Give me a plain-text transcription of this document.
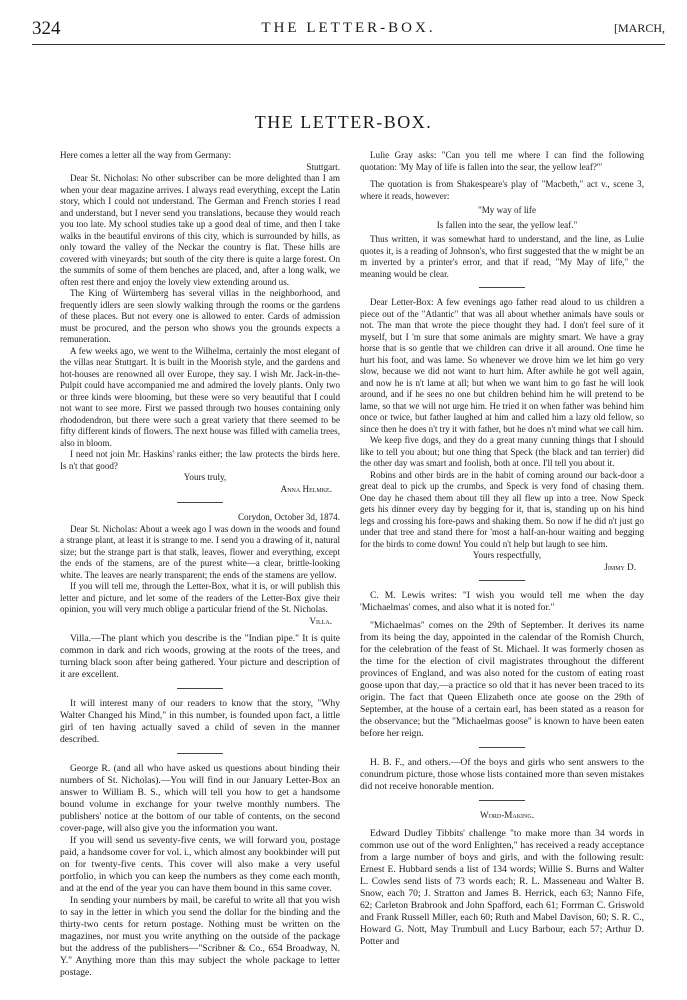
324	THE LETTER-BOX.	[MARCH,
THE LETTER-BOX.

Here comes a letter all the way from Germany:

Stuttgart.

Dear St. Nicholas: No other subscriber can be more delighted than I am when your dear magazine arrives. I always read everything, except the Latin story, which I could not understand. The German and French stories I read and understand, but I never send you translations, because they would reach you too late. My school studies take up a good deal of time, and then I take walks in the beautiful environs of this city, which is surrounded by hills, as only toward the valley of the Neckar the country is flat. These hills are covered with vineyards; but south of the city there is quite a large forest. On the summits of some of them benches are placed, and, after a long walk, we often rest there and enjoy the lovely view extending around us.

The King of Würtemberg has several villas in the neighborhood, and frequently idlers are seen slowly walking through the rooms or the gardens of these places. But not every one is allowed to enter. Cards of admission must be procured, and the person who shows you the grounds expects a remuneration.

A few weeks ago, we went to the Wilhelma, certainly the most elegant of the villas near Stuttgart. It is built in the Moorish style, and the gardens and hot-houses are renowned all over Europe, they say. I wish Mr. Jack-in-the-Pulpit could have accompanied me and admired the lovely plants. Only two or three kinds were blooming, but these were so very beautiful that I could not want to see more. First we passed through two houses containing only rhododendron, but there were such a great variety that there seemed to be fifty different kinds of flowers. The next house was filled with camelia trees, also in bloom.

I need not join Mr. Haskins' ranks either; the law protects the birds here. Is n't that good?

Yours truly,

Anna Helmke.

Corydon, October 3d, 1874.

Dear St. Nicholas: About a week ago I was down in the woods and found a strange plant, at least it is strange to me. I send you a drawing of it, natural size; but the strange part is that stalk, leaves, flower and everything, except the ends of the stamens, are of the purest white—a clear, brittle-looking white. The leaves are nearly transparent; the ends of the stamens are yellow.

If you will tell me, through the Letter-Box, what it is, or will publish this letter and picture, and let some of the readers of the Letter-Box give their opinion, you will very much oblige a particular friend of the St. Nicholas.

Villa.

Villa.—The plant which you describe is the "Indian pipe." It is quite common in dark and rich woods, growing at the roots of the trees, and turning black soon after being gathered. Your picture and description of it are excellent.

It will interest many of our readers to know that the story, "Why Walter Changed his Mind," in this number, is founded upon fact, a little girl of ten having actually saved a child of seven in the manner described.

George R. (and all who have asked us questions about binding their numbers of St. Nicholas).—You will find in our January Letter-Box an answer to William B. S., which will tell you how to get a handsome bound volume in exchange for your twelve monthly numbers. The publishers' notice at the bottom of our table of contents, on the second cover-page, will also give you the information you want.

If you will send us seventy-five cents, we will forward you, postage paid, a handsome cover for vol. i., which almost any bookbinder will put on for twenty-five cents. This cover will also make a very useful portfolio, in which you can keep the numbers as they come each month, and at the end of the year you can have them bound in this same cover.

In sending your numbers by mail, be careful to write all that you wish to say in the letter in which you send the dollar for the binding and the thirty-two cents for return postage. Nothing must be written on the magazines, nor must you write anything on the outside of the package but the address of the publishers—"Scribner & Co., 654 Broadway, N. Y." Anything more than this may subject the whole package to letter postage.

Lulie Gray asks: "Can you tell me where I can find the following quotation: 'My May of life is fallen into the sear, the yellow leaf?'"

The quotation is from Shakespeare's play of "Macbeth," act v., scene 3, where it reads, however:

"My way of life

Is fallen into the sear, the yellow leaf."

Thus written, it was somewhat hard to understand, and the line, as Lulie quotes it, is a reading of Johnson's, who first suggested that the w might be an m inverted by a printer's error, and that if read, "My May of life," the meaning would be clear.

Dear Letter-Box: A few evenings ago father read aloud to us children a piece out of the "Atlantic" that was all about whether animals have souls or not. The man that wrote the piece thought they had. I don't feel sure of it myself, but I 'm sure that some animals are mighty smart. We have a gray horse that is so gentle that we children can drive it all around. One time he hurt his foot, and was lame. So whenever we drove him we let him go very slow, because we did not want to hurt him. After awhile he got well again, and now he is n't lame at all; but when we want him to go fast he will look around, and if he sees no one but children behind him he will pretend to be lame, so that we will not urge him. He tried it on when father was behind him once or twice, but father laughed at him and called him a lazy old fellow, so since then he does n't try it with father, but he does n't mind what we call him.

We keep five dogs, and they do a great many cunning things that I should like to tell you about; but one thing that Speck (the black and tan terrier) did the other day was smart and foolish, both at once. I'll tell you about it.

Robins and other birds are in the habit of coming around our back-door a great deal to pick up the crumbs, and Speck is very fond of chasing them. One day he chased them about till they all flew up into a tree. Now Speck gets his dinner every day by begging for it, that is, standing up on his hind legs and crossing his fore-paws and shaking them. So now if he did n't just go under that tree and stand there for 'most a half-an-hour waiting and begging for the birds to come down! You could n't help but laugh to see him.

Yours respectfully,

Jimmy D.

C. M. Lewis writes: "I wish you would tell me when the day 'Michaelmas' comes, and also what it is noted for."

"Michaelmas" comes on the 29th of September. It derives its name from its being the day, appointed in the calendar of the Romish Church, for the celebration of the feast of St. Michael. It was formerly chosen as the time for the election of civil magistrates throughout the different provinces of England, and was also noted for the custom of eating roast goose upon that day,—a practice so old that it has never been traced to its origin. The fact that Queen Elizabeth once ate goose on the 29th of September, at the house of a certain earl, has been stated as a reason for the observance; but the "Michaelmas goose" is known to have been eaten before her reign.

H. B. F., and others.—Of the boys and girls who sent answers to the conundrum picture, those whose lists contained more than seven mistakes did not receive honorable mention.

Word-Making.

Edward Dudley Tibbits' challenge "to make more than 34 words in common use out of the word Enlighten," has received a ready acceptance from a large number of boys and girls, and with the following result: Ernest E. Hubbard sends a list of 134 words; Willie S. Burns and Walter L. Cowles send lists of 73 words each; R. L. Masseneau and Walter B. Snow, each 70; J. Stratton and James B. Herrick, each 63; Nanno Fife, 62; Carleton Brabrook and John Spafford, each 61; Forrman C. Griswold and Frank Russell Miller, each 60; Ruth and Mabel Davison, 60; S. R. C., Howard G. Nott, May Trumbull and Lucy Barbour, each 57; Arthur D. Potter and
